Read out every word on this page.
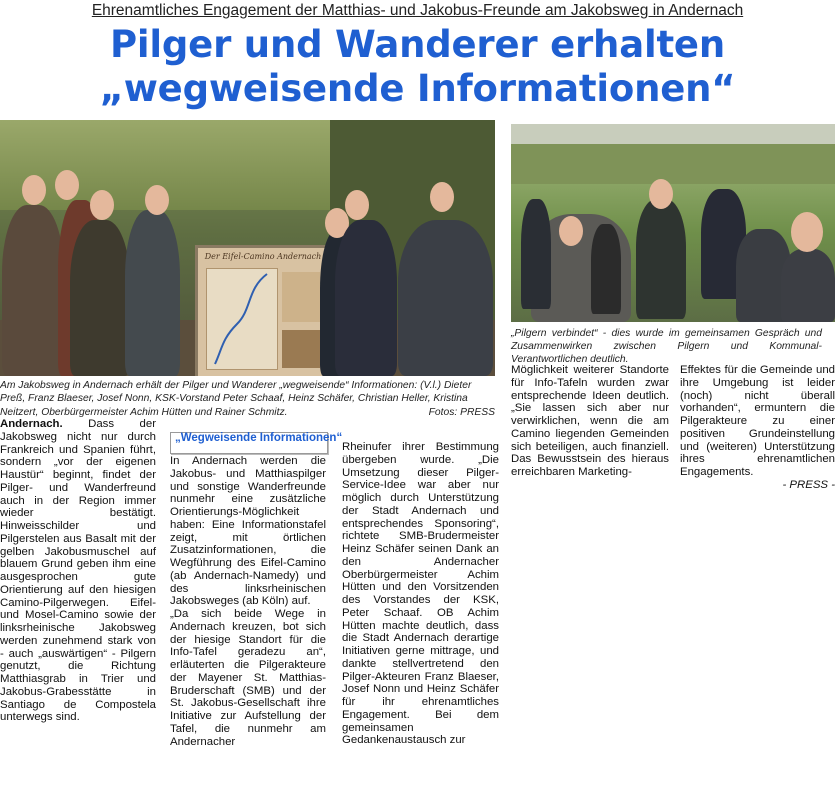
Ehrenamtliches Engagement der Matthias- und Jakobus-Freunde am Jakobsweg in Andernach
Pilger und Wanderer erhalten
„wegweisende Informationen“
Der Eifel-Camino Andernach
Am Jakobsweg in Andernach erhält der Pilger und Wanderer „wegweisende“ Informationen: (V.l.) Dieter Preß, Franz Blaeser, Josef Nonn, KSK-Vorstand Peter Schaaf, Heinz Schäfer, Christian Heller, Kristina Neitzert, Oberbürgermeister Achim Hütten und Rainer Schmitz.	Fotos: PRESS
„Pilgern verbindet“ - dies wurde im gemeinsamen Gespräch und Zusammenwirken zwischen Pilgern und Kommunal-Verantwortlichen deutlich.

Andernach. Dass der Jakobsweg nicht nur durch Frankreich und Spanien führt, sondern „vor der eigenen Haustür“ beginnt, findet der Pilger- und Wanderfreund auch in der Region immer wieder bestätigt. Hinweisschilder und Pilgerstelen aus Basalt mit der gelben Jakobusmuschel auf blauem Grund geben ihm eine ausgesprochen gute Orientierung auf den hiesigen Camino-Pilgerwegen. Eifel- und Mosel-Camino sowie der linksrheinische Jakobsweg werden zunehmend stark von - auch „auswärtigen“ - Pilgern genutzt, die Richtung Matthiasgrab in Trier und Jakobus-Grabesstätte in Santiago de Compostela unterwegs sind.

„Wegweisende Informationen“

In Andernach werden die Jakobus- und Matthiaspilger und sonstige Wanderfreunde nunmehr eine zusätzliche Orientierungs-Möglichkeit haben: Eine Informationstafel zeigt, mit örtlichen Zusatzinformationen, die Wegführung des Eifel-Camino (ab Andernach-Namedy) und des linksrheinischen Jakobsweges (ab Köln) auf.

„Da sich beide Wege in Andernach kreuzen, bot sich der hiesige Standort für die Info-Tafel geradezu an“, erläuterten die Pilgerakteure der Mayener St. Matthias-Bruderschaft (SMB) und der St. Jakobus-Gesellschaft ihre Initiative zur Aufstellung der Tafel, die nunmehr am Andernacher

Rheinufer ihrer Bestimmung übergeben wurde. „Die Umsetzung dieser Pilger-Service-Idee war aber nur möglich durch Unterstützung der Stadt Andernach und entsprechendes Sponsoring“, richtete SMB-Brudermeister Heinz Schäfer seinen Dank an den Andernacher Oberbürgermeister Achim Hütten und den Vorsitzenden des Vorstandes der KSK, Peter Schaaf. OB Achim Hütten machte deutlich, dass die Stadt Andernach derartige Initiativen gerne mittrage, und dankte stellvertretend den Pilger-Akteuren Franz Blaeser, Josef Nonn und Heinz Schäfer für ihr ehrenamtliches Engagement. Bei dem gemeinsamen Gedankenaustausch zur

Möglichkeit weiterer Standorte für Info-Tafeln wurden zwar entsprechende Ideen deutlich. „Sie lassen sich aber nur verwirklichen, wenn die am Camino liegenden Gemeinden sich beteiligen, auch finanziell. Das Bewusstsein des hieraus erreichbaren Marketing-

Effektes für die Gemeinde und ihre Umgebung ist leider (noch) nicht überall vorhanden“, ermuntern die Pilgerakteure zu einer positiven Grundeinstellung und (weiteren) Unterstützung ihres ehrenamtlichen Engagements.

- PRESS -
